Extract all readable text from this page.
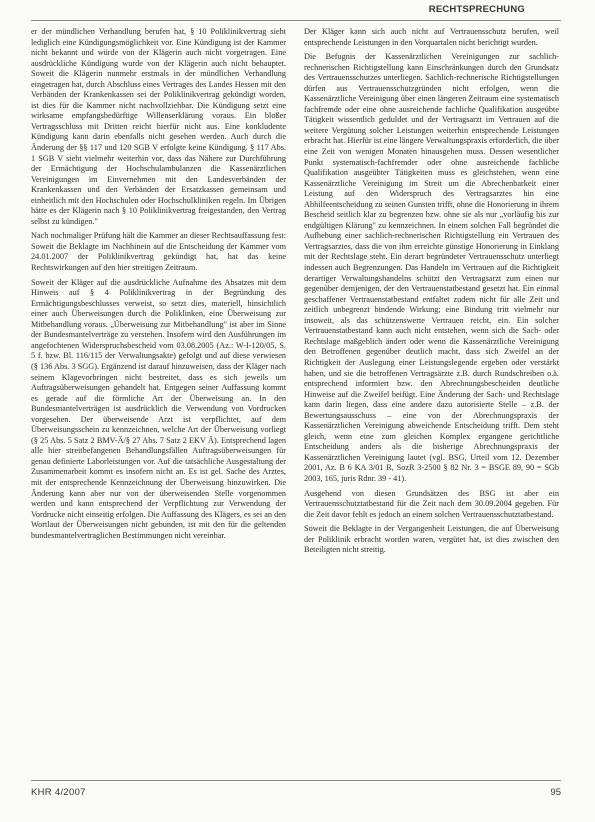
RECHTSPRECHUNG

er der mündlichen Verhandlung berufen hat, § 10 Poliklinikvertrag sieht lediglich eine Kündigungsmöglichkeit vor. Eine Kündigung ist der Kammer nicht bekannt und würde von der Klägerin auch nicht vorgetragen. Eine ausdrückliche Kündigung wurde von der Klägerin auch nicht behauptet. Soweit die Klägerin nunmehr erstmals in der mündlichen Verhandlung eingetragen hat, durch Abschluss eines Vertrages des Landes Hessen mit den Verbänden der Krankenkassen sei der Poliklinikvertrag gekündigt worden, ist dies für die Kammer nicht nachvollziehbar. Die Kündigung setzt eine wirksame empfangsbedürftige Willenserklärung voraus. Ein bloßer Vertragsschluss mit Dritten reicht hierfür nicht aus. Eine konkludente Kündigung kann darin ebenfalls nicht gesehen werden. Auch durch die Änderung der §§ 117 und 120 SGB V erfolgte keine Kündigung. § 117 Abs. 1 SGB V sieht vielmehr weiterhin vor, dass das Nähere zur Durchführung der Ermächtigung der Hochschulambulanzen die Kassenärztlichen Vereinigungen im Einvernehmen mit den Landesverbänden der Krankenkassen und den Verbänden der Ersatzkassen gemeinsam und einheitlich mit den Hochschulen oder Hochschulkliniken regeln. Im Übrigen hätte es der Klägerin nach § 10 Poliklinikvertrag freigestanden, den Vertrag selbst zu kündigen."

Nach nochmaliger Prüfung hält die Kammer an dieser Rechtsauffassung fest: Soweit die Beklagte im Nachhinein auf die Entscheidung der Kammer vom 24.01.2007 der Poliklinikvertrag gekündigt hat, hat das keine Rechtswirkungen auf den hier streitigen Zeitraum.

Soweit der Kläger auf die ausdrückliche Aufnahme des Absatzes mit dem Hinweis auf § 4 Poliklinikvertrag in der Begründung des Ermächtigungsbeschlusses verweist, so setzt dies, materiell, hinsichtlich einer auch Überweisungen durch die Poliklinken, eine Überweisung zur Mitbehandlung voraus. „Überweisung zur Mitbehandlung" ist aber im Sinne der Bundesmantelverträge zu verstehen. Insofern wird den Ausführungen im angefochtenen Widerspruchsbescheid vom 03.08.2005 (Az.: W-I-120/05, S. 5 f. bzw. Bl. 116/115 der Verwaltungsakte) gefolgt und auf diese verwiesen (§ 136 Abs. 3 SGG). Ergänzend ist darauf hinzuweisen, dass der Kläger nach seinem Klagevorbringen nicht bestreitet, dass es sich jeweils um Auftragsüberweisungen gehandelt hat. Entgegen seiner Auffassung kommt es gerade auf die förmliche Art der Überweisung an. In den Bundesmantelverträgen ist ausdrücklich die Verwendung von Vordrucken vorgesehen. Der überweisende Arzt ist verpflichtet, auf dem Überweisungsschein zu kennzeichnen, welche Art der Überweisung vorliegt (§ 25 Abs. 5 Satz 2 BMV-Ä/§ 27 Abs. 7 Satz 2 EKV Ä). Entsprechend lagen alle hier streitbefangenen Behandlungsfällen Auftragsüberweisungen für genau definierte Laborleistungen vor. Auf die tatsächliche Ausgestaltung der Zusammenarbeit kommt es insofern nicht an. Es ist gel. Sache des Arztes, mit der entsprechende Kennzeichnung der Überweisung hinzuwirken. Die Änderung kann aber nur von der überweisenden Stelle vorgenommen werden und kann entsprechend der Verpflichtung zur Verwendung der Vordrucke nicht einseitig erfolgen. Die Auffassung des Klägers, es sei an den Wortlaut der Überweisungen nicht gebunden, ist mit den für die geltenden bundesmantelvertraglichen Bestimmungen nicht vereinbar.

Der Kläger kann sich auch nicht auf Vertrauensschutz berufen, weil entsprechende Leistungen in den Vorquartalen nicht berichtigt wurden.

Die Befugnis der Kassenärztlichen Vereinigungen zur sachlich-rechnerischen Richtigstellung kann Einschränkungen durch den Grundsatz des Vertrauensschutzes unterliegen. Sachlich-rechnerische Richtigstellungen dürfen aus Vertrauensschutzgründen nicht erfolgen, wenn die Kassenärztliche Vereinigung über einen längeren Zeitraum eine systematisch fachfremde oder eine ohne ausreichende fachliche Qualifikation ausgeübte Tätigkeit wissentlich geduldet und der Vertragsarzt im Vertrauen auf die weitere Vergütung solcher Leistungen weiterhin entsprechende Leistungen erbracht hat. Hierfür ist eine längere Verwaltungspraxis erforderlich, die über eine Zeit von wenigen Monaten hinausgehen muss. Dessen wesentlicher Punkt systematisch-fachfremder oder ohne ausreichende fachliche Qualifikation ausgeübter Tätigkeiten muss es gleichstehen, wenn eine Kassenärztliche Vereinigung im Streit um die Abrechenbarkeit einer Leistung auf den Widerspruch des Vertragsarztes hin eine Abhilfeentscheidung zu seinen Gunsten trifft, ohne die Honorierung in ihrem Bescheid seitlich klar zu begrenzen bzw. ohne sie als nur „vorläufig bis zur endgültigen Klärung" zu kennzeichnen. In einem solchen Fall begründet die Aufhebung einer sachlich-rechnerischen Richtigstellung ein Vertrauen des Vertragsarztes, dass die von ihm erreichte günstige Honorierung in Einklang mit der Rechtslage steht. Ein derart begründeter Vertrauensschutz unterliegt indessen auch Begrenzungen. Das Handeln im Vertrauen auf die Richtigkeit derartiger Verwaltungshandelns schützt den Vertragsarzt zum einen nur gegenüber demjenigen, der den Vertrauenstatbestand gesetzt hat. Ein einmal geschaffener Vertrauenstatbestand entfaltet zudem nicht für alle Zeit und zeitlich unbegrenzt bindende Wirkung; eine Bindung tritt vielmehr nur insoweit, als das schützenswerte Vertrauen reicht, ein. Ein solcher Vertrauenstatbestand kann auch nicht entstehen, wenn sich die Sach- oder Rechtslage maßgeblich ändert oder wenn die Kassenärztliche Vereinigung den Betroffenen gegenüber deutlich macht, dass sich Zweifel an der Richtigkeit der Auslegung einer Leistungslegende ergeben oder verstärkt haben, und sie die betroffenen Vertragsärzte z.B. durch Rundschreiben o.ä. entsprechend informiert bzw. den Abrechnungsbescheiden deutliche Hinweise auf die Zweifel beifügt. Eine Änderung der Sach- und Rechtslage kann darin liegen, dass eine andere dazu autorisierte Stelle – z.B. der Bewertungsausschuss – eine von der Abrechnungspraxis der Kassenärztlichen Vereinigung abweichende Entscheidung trifft. Dem steht gleich, wenn eine zum gleichen Komplex ergangene gerichtliche Entscheidung anders als die bisherige Abrechnungspraxis der Kassenärztlichen Vereinigung lautet (vgl. BSG, Urteil vom 12. Dezember 2001, Az. B 6 KA 3/01 R, SozR 3-2500 § 82 Nr. 3 = BSGE 89, 90 = SGb 2003, 165, juris Rdnr. 39 - 41).

Ausgehend von diesen Grundsätzen des BSG ist aber ein Vertrauensschutztatbestand für die Zeit nach dem 30.09.2004 gegeben. Für die Zeit davor fehlt es jedoch an einem solchen Vertrauensschutztatbestand.

Soweit die Beklagte in der Vergangenheit Leistungen, die auf Überweisung der Poliklinik erbracht worden waren, vergütet hat, ist dies zwischen den Beteiligten nicht streitig.

KHR 4/2007	95
